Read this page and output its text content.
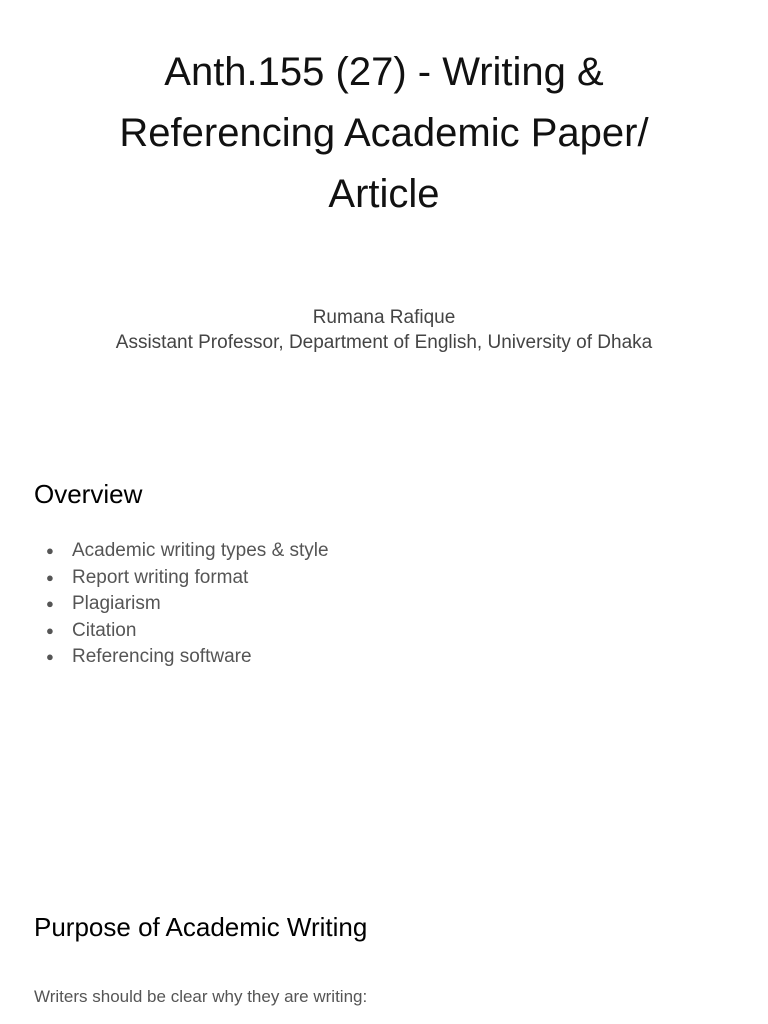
Anth.155 (27) - Writing &
Referencing Academic Paper/
Article
Rumana Rafique
Assistant Professor, Department of English, University of Dhaka
Overview
● Academic writing types & style
● Report writing format
● Plagiarism
● Citation
● Referencing software
Purpose of Academic Writing

Writers should be clear why they are writing:
